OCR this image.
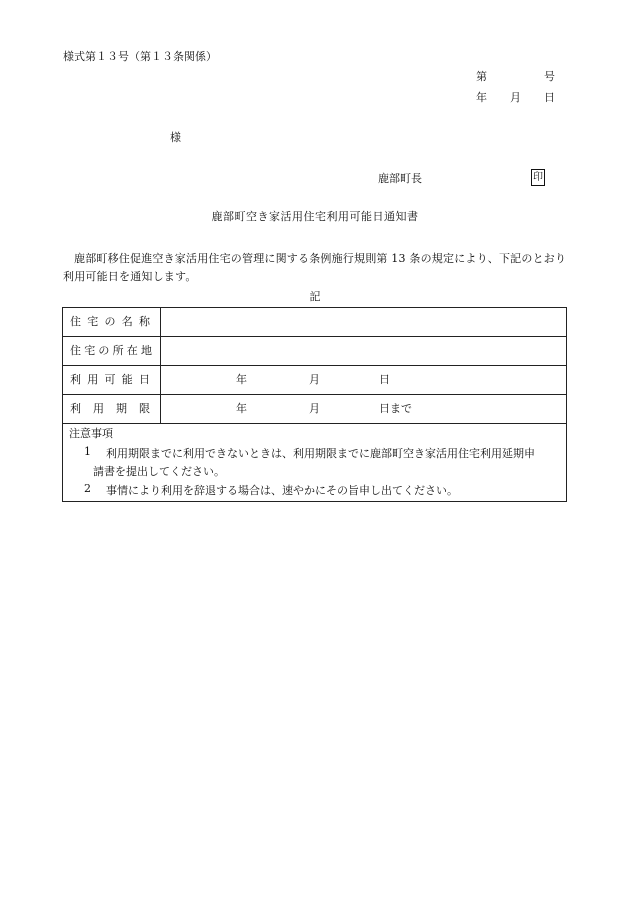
様式第１３号（第１３条関係）
第	号
年 月 日
様
鹿部町長	印
鹿部町空き家活用住宅利用可能日通知書
鹿部町移住促進空き家活用住宅の管理に関する条例施行規則第 13 条の規定により、下記のとおり利用可能日を通知します。
記
住宅の名称	

住宅の所在地	

利用可能日	年 月 日

利用期限	年 月 日まで
注意事項
1 利用期限までに利用できないときは、利用期限までに鹿部町空き家活用住宅利用延期申
請書を提出してください。
2 事情により利用を辞退する場合は、速やかにその旨申し出てください。
